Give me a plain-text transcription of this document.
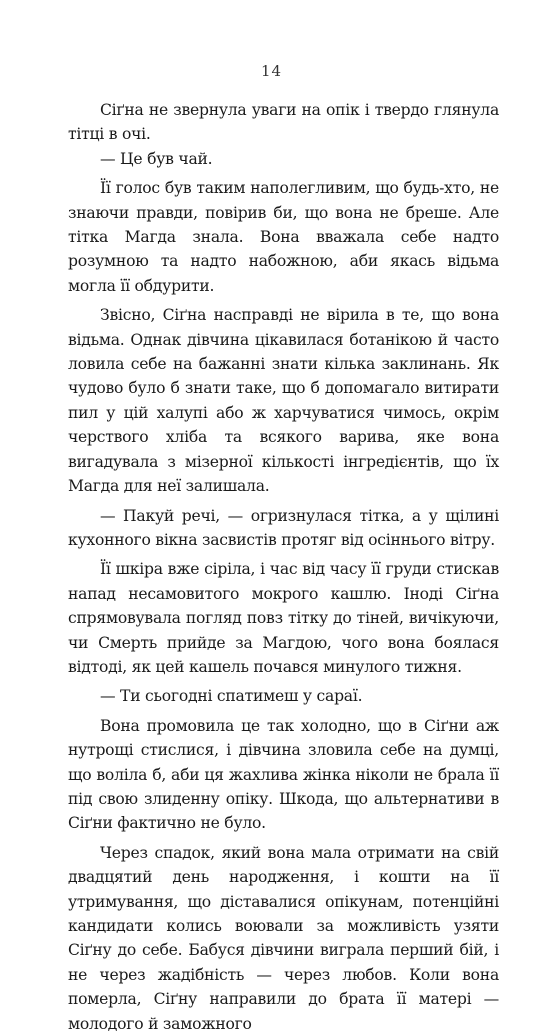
14

Сіґна не звернула уваги на опік і твердо глянула тітці в очі.

— Це був чай.

Її голос був таким наполегливим, що будь-хто, не знаючи правди, повірив би, що вона не бреше. Але тітка Магда знала. Вона вважала себе надто розумною та надто набожною, аби якась відьма могла її обдурити.

Звісно, Сіґна насправді не вірила в те, що вона відьма. Однак дівчина цікавилася ботанікою й часто ловила себе на бажанні знати кілька заклинань. Як чудово було б знати таке, що б допомагало витирати пил у цій халупі або ж харчуватися чимось, окрім черствого хліба та всякого варива, яке вона вигадувала з мізерної кількості інгредієнтів, що їх Магда для неї залишала.

— Пакуй речі, — огризнулася тітка, а у щілині кухонного вікна засвистів протяг від осіннього вітру.

Її шкіра вже сіріла, і час від часу її груди стискав напад несамовитого мокрого кашлю. Іноді Сіґна спрямовувала погляд повз тітку до тіней, вичікуючи, чи Смерть прийде за Магдою, чого вона боялася відтоді, як цей кашель почався минулого тижня.

— Ти сьогодні спатимеш у сараї.

Вона промовила це так холодно, що в Сіґни аж нутрощі стислися, і дівчина зловила себе на думці, що воліла б, аби ця жахлива жінка ніколи не брала її під свою злиденну опіку. Шкода, що альтернативи в Сіґни фактично не було.

Через спадок, який вона мала отримати на свій двадцятий день народження, і кошти на її утримування, що діставалися опікунам, потенційні кандидати колись воювали за можливість узяти Сіґну до себе. Бабуся дівчини виграла перший бій, і не через жадібність — через любов. Коли вона померла, Сіґну направили до брата її матері — молодого й заможного
